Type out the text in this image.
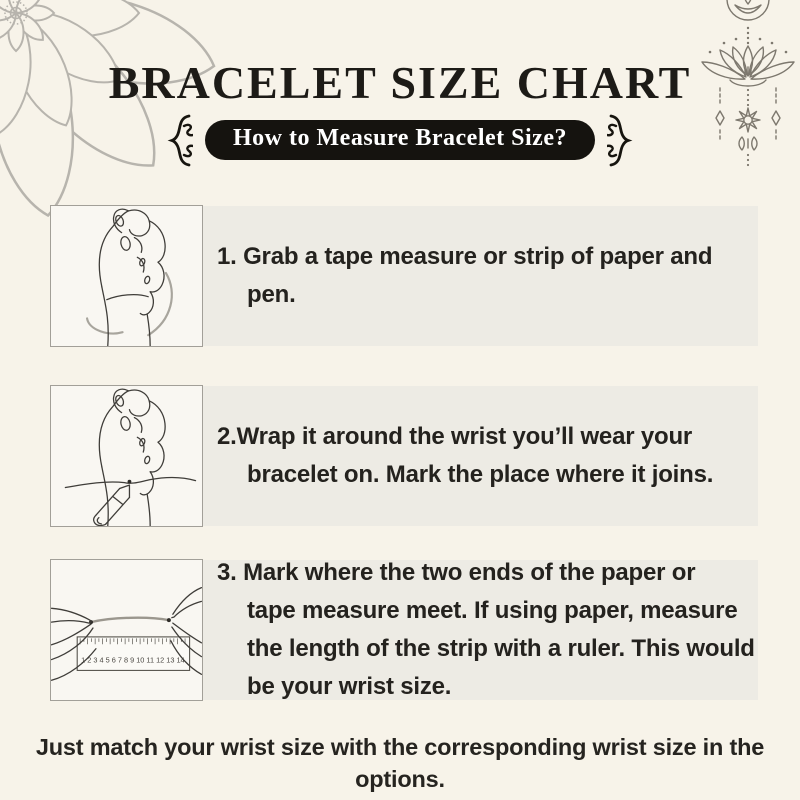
BRACELET SIZE CHART
How to Measure Bracelet Size?
1. Grab a tape measure or strip of paper and
pen.
2.Wrap it around the wrist you’ll wear your
bracelet on. Mark the place where it joins.
1 2 3 4 5 6 7 8 9 10 11 12 13 14
3. Mark where the two ends of the paper or
tape measure meet. If using paper, measure
the length of the strip with a ruler. This would
be your wrist size.
Just match your wrist size with the corresponding wrist size in the options.
